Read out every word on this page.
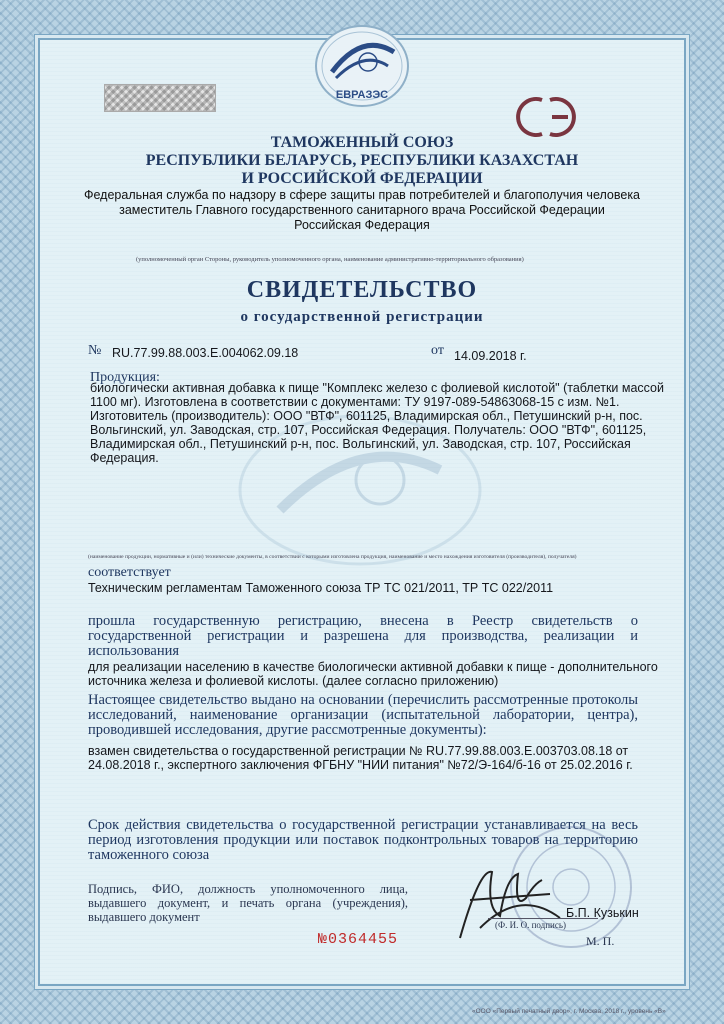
ЕВРАЗЭС
ТАМОЖЕННЫЙ СОЮЗ
РЕСПУБЛИКИ БЕЛАРУСЬ, РЕСПУБЛИКИ КАЗАХСТАН
И РОССИЙСКОЙ ФЕДЕРАЦИИ
Федеральная служба по надзору в сфере защиты прав потребителей и благополучия человека
заместитель Главного государственного санитарного врача Российской Федерации
Российская Федерация
(уполномоченный орган Стороны, руководитель уполномоченного органа, наименование административно-территориального образования)
СВИДЕТЕЛЬСТВО
о государственной регистрации
№ RU.77.99.88.003.Е.004062.09.18	от 14.09.2018 г.
Продукция:
биологически активная добавка к пище "Комплекс железо с фолиевой кислотой" (таблетки массой
1100 мг). Изготовлена в соответствии с документами: ТУ 9197-089-54863068-15 с изм. №1.
Изготовитель (производитель): ООО "ВТФ", 601125, Владимирская обл., Петушинский р-н, пос.
Вольгинский, ул. Заводская, стр. 107, Российская Федерация. Получатель: ООО "ВТФ", 601125,
Владимирская обл., Петушинский р-н, пос. Вольгинский, ул. Заводская, стр. 107, Российская
Федерация.
(наименование продукции, нормативные и (или) технические документы, в соответствии с которыми изготовлена продукция, наименование и место нахождения изготовителя (производителя), получателя)
соответствует
Техническим регламентам Таможенного союза ТР ТС 021/2011, ТР ТС 022/2011
прошла государственную регистрацию, внесена в Реестр свидетельств о государственной регистрации и разрешена для производства, реализации и использования
для реализации населению в качестве биологически активной добавки к пище - дополнительного
источника железа и фолиевой кислоты. (далее согласно приложению)
Настоящее свидетельство выдано на основании (перечислить рассмотренные протоколы исследований, наименование организации (испытательной лаборатории, центра), проводившей исследования, другие рассмотренные документы):
взамен свидетельства о государственной регистрации № RU.77.99.88.003.Е.003703.08.18 от
24.08.2018 г., экспертного заключения ФГБНУ "НИИ питания" №72/Э-164/б-16 от 25.02.2016 г.
Срок действия свидетельства о государственной регистрации устанавливается на весь период изготовления продукции или поставок подконтрольных товаров на территорию таможенного союза
Подпись, ФИО, должность уполномоченного лица, выдавшего документ, и печать органа (учреждения), выдавшего документ	Б.П. Кузькин
(Ф. И. О. подпись)
М. П.
№0364455
«ООО «Первый печатный двор», г. Москва, 2018 г., уровень «В»
